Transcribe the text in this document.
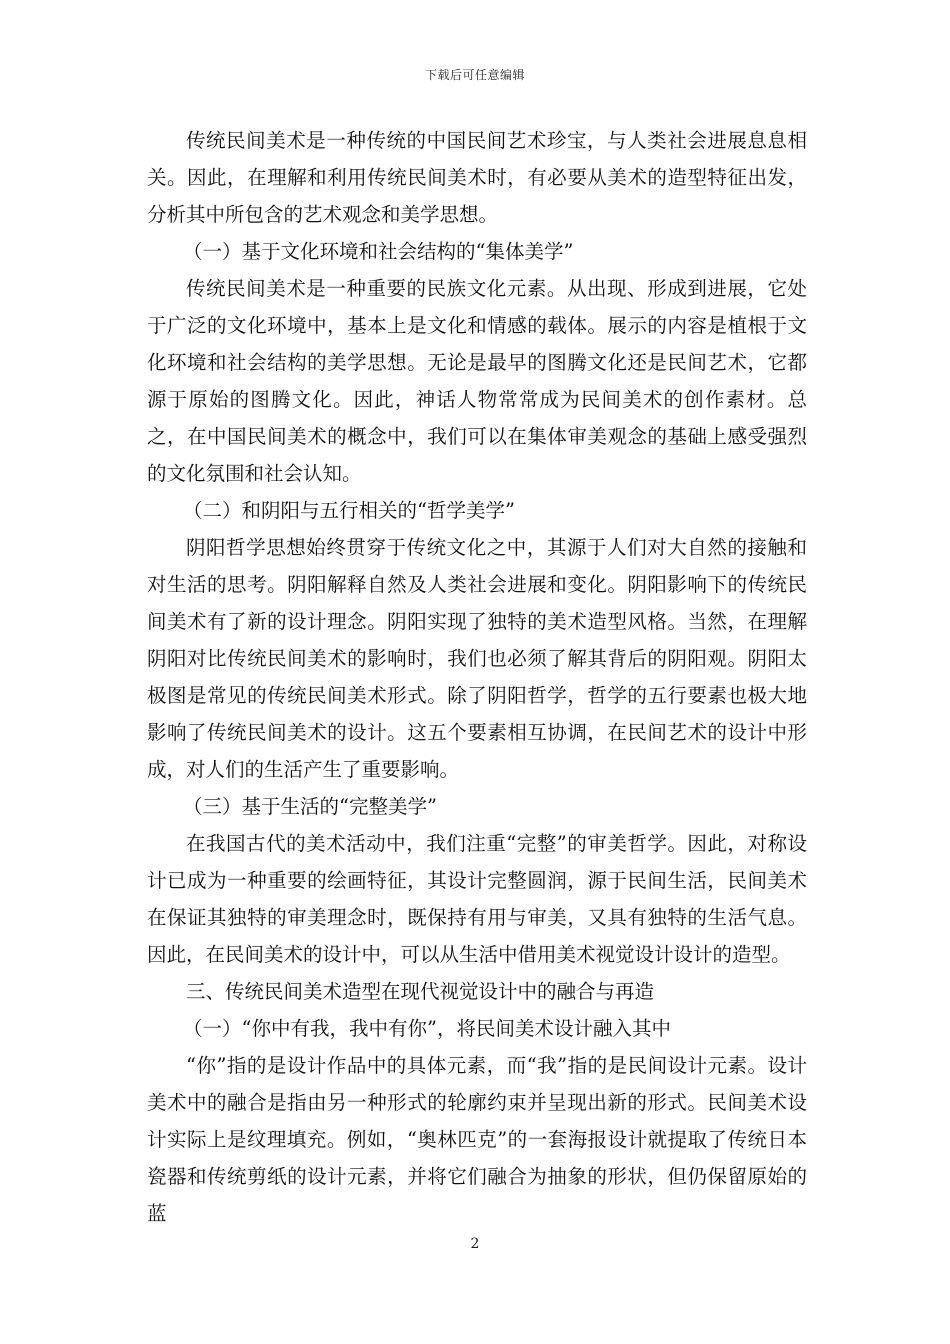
下载后可任意编辑

传统民间美术是一种传统的中国民间艺术珍宝，与人类社会进展息息相关。因此，在理解和利用传统民间美术时，有必要从美术的造型特征出发，分析其中所包含的艺术观念和美学思想。

（一）基于文化环境和社会结构的“集体美学”

传统民间美术是一种重要的民族文化元素。从出现、形成到进展，它处于广泛的文化环境中，基本上是文化和情感的载体。展示的内容是植根于文化环境和社会结构的美学思想。无论是最早的图腾文化还是民间艺术，它都源于原始的图腾文化。因此，神话人物常常成为民间美术的创作素材。总之，在中国民间美术的概念中，我们可以在集体审美观念的基础上感受强烈的文化氛围和社会认知。

（二）和阴阳与五行相关的“哲学美学”

阴阳哲学思想始终贯穿于传统文化之中，其源于人们对大自然的接触和对生活的思考。阴阳解释自然及人类社会进展和变化。阴阳影响下的传统民间美术有了新的设计理念。阴阳实现了独特的美术造型风格。当然，在理解阴阳对比传统民间美术的影响时，我们也必须了解其背后的阴阳观。阴阳太极图是常见的传统民间美术形式。除了阴阳哲学，哲学的五行要素也极大地影响了传统民间美术的设计。这五个要素相互协调，在民间艺术的设计中形成，对人们的生活产生了重要影响。

（三）基于生活的“完整美学”

在我国古代的美术活动中，我们注重“完整”的审美哲学。因此，对称设计已成为一种重要的绘画特征，其设计完整圆润，源于民间生活，民间美术在保证其独特的审美理念时，既保持有用与审美，又具有独特的生活气息。因此，在民间美术的设计中，可以从生活中借用美术视觉设计设计的造型。

三、传统民间美术造型在现代视觉设计中的融合与再造

（一）“你中有我，我中有你”，将民间美术设计融入其中

“你”指的是设计作品中的具体元素，而“我”指的是民间设计元素。设计美术中的融合是指由另一种形式的轮廓约束并呈现出新的形式。民间美术设计实际上是纹理填充。例如，“奥林匹克”的一套海报设计就提取了传统日本瓷器和传统剪纸的设计元素，并将它们融合为抽象的形状，但仍保留原始的蓝

2
